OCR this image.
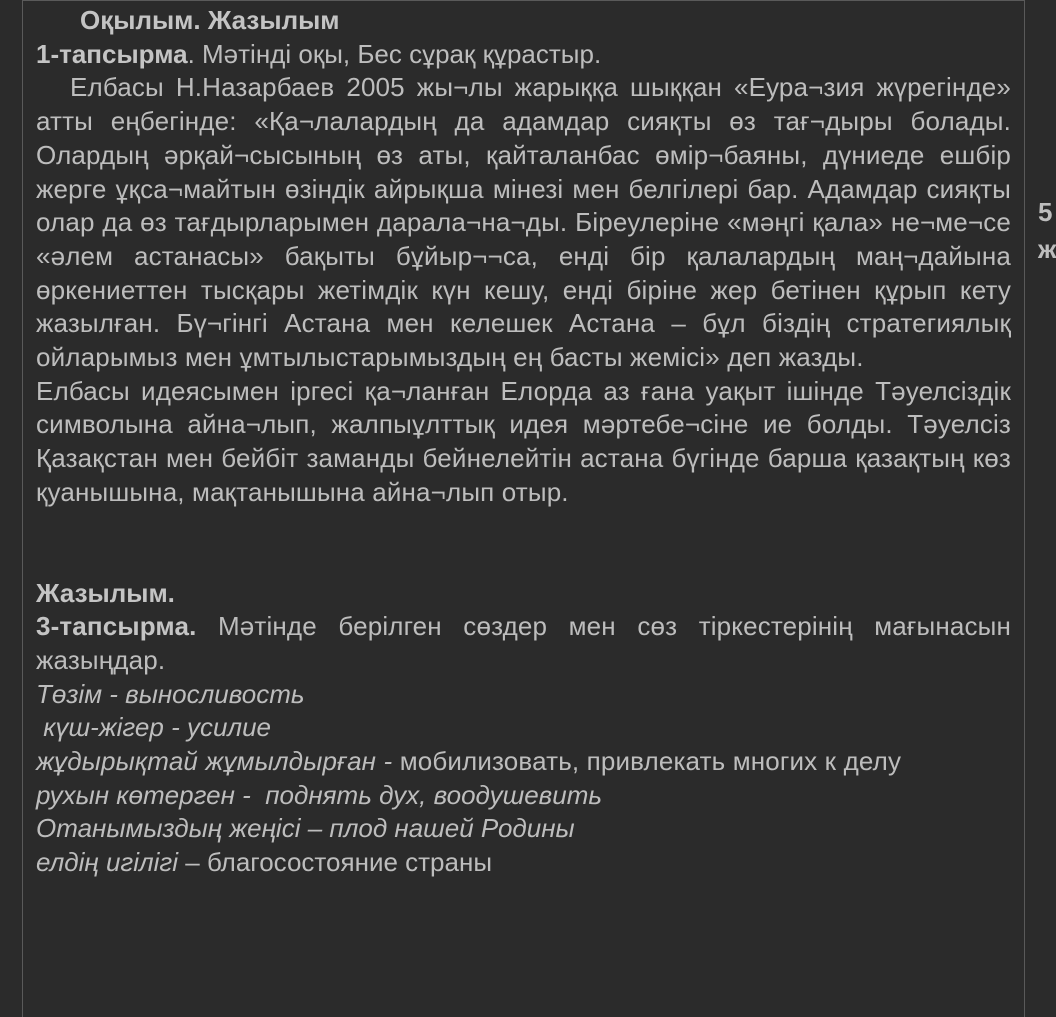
Оқылым. Жазылым

1-тапсырма. Мәтінді оқы, Бес сұрақ құрастыр.

Елбасы Н.Назарбаев 2005 жы¬лы жарыққа шыққан «Еура¬зия жүрегінде» атты еңбегінде: «Қа¬лалардың да адамдар сияқты өз тағ¬дыры болады. Олардың әрқай¬сысының өз аты, қайталанбас өмір¬баяны, дүниеде ешбір жерге ұқса¬майтын өзіндік айрықша мінезі мен белгілері бар. Адамдар сияқты олар да өз тағдырларымен дарала¬на¬ды. Біреулеріне «мәңгі қала» не¬ме¬се «әлем астанасы» бақыты бұйыр¬¬са, енді бір қалалардың маң¬дайына өркениеттен тысқары жетімдік күн кешу, енді біріне жер бетінен құрып кету жазылған. Бү¬гінгі Астана мен келешек Астана – бұл біздің стратегиялық ойларымыз мен ұмтылыстарымыздың ең басты жемісі» деп жазды.

Елбасы идеясымен іргесі қа¬ланған Елорда аз ғана уақыт ішінде Тәуелсіздік символына айна¬лып, жалпыұлттық идея мәртебе¬сіне ие болды. Тәуелсіз Қазақстан мен бейбіт заманды бейнелейтін астана бүгінде барша қазақтың көз қуанышына, мақтанышына айна¬лып отыр.

Жазылым.

3-тапсырма. Мәтінде берілген сөздер мен сөз тіркестерінің мағынасын жазыңдар.

Төзім - выносливость

күш-жігер - усилие

жұдырықтай жұмылдырған - мобилизовать, привлекать многих к делу

рухын көтерген -  поднять дух, воодушевить

Отанымыздың жеңісі – плод нашей Родины

елдің игілігі – благосостояние страны

5
ж
